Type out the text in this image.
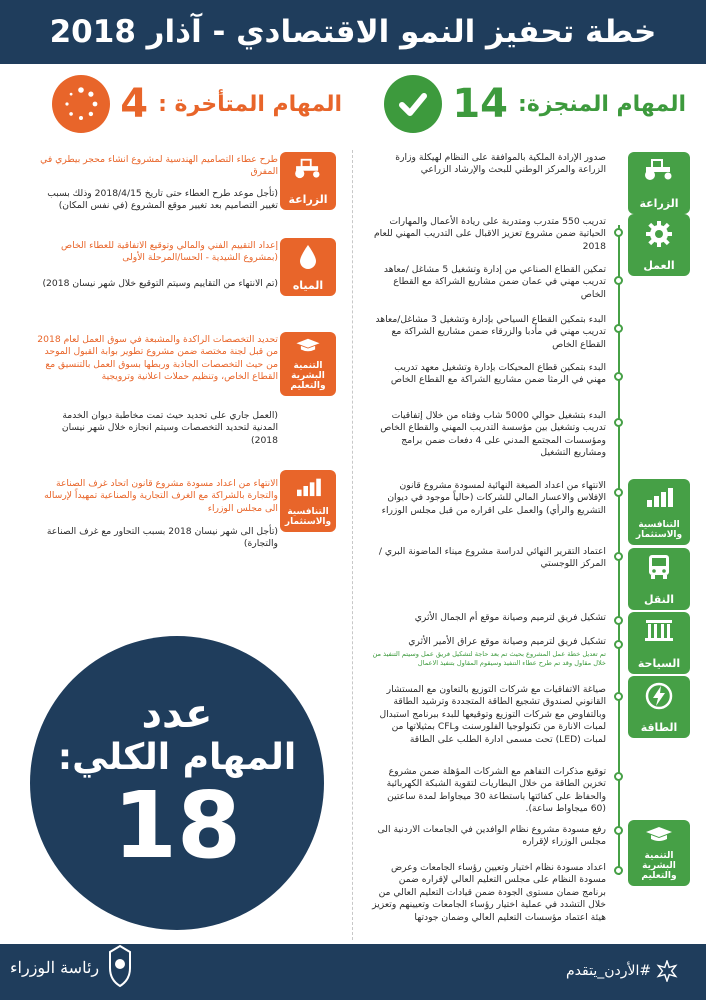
خطة تحفيز النمو الاقتصادي - آذار 2018
المهام المنجزة:
14
المهام المتأخرة :
4
الزراعة
العمل
التنافسية
والاستثمار
النقل
السياحة
الطاقة
التنمية
البشرية
والتعليم
صدور الإرادة الملكية بالموافقة على النظام لهيكلة وزارة الزراعة والمركز الوطني للبحث والإرشاد الزراعي
تدريب 550 متدرب ومتدربة على ريادة الأعمال والمهارات الحياتية ضمن مشروع تعزيز الاقبال على التدريب المهني للعام 2018
تمكين القطاع الصناعي من إدارة وتشغيل 5 مشاغل /معاهد تدريب مهني في عمان ضمن مشاريع الشراكة مع القطاع الخاص
البدء بتمكين القطاع السياحي بإدارة وتشغيل 3 مشاغل/معاهد تدريب مهني في مأدبا والزرقاء ضمن مشاريع الشراكة مع القطاع الخاص
البدء بتمكين قطاع المحيكات بإدارة وتشغيل معهد تدريب مهني في الرمثا ضمن مشاريع الشراكة مع القطاع الخاص
البدء بتشغيل حوالي 5000 شاب وفتاه من خلال إتفاقيات تدريب وتشغيل بين مؤسسة التدريب المهني والقطاع الخاص ومؤسسات المجتمع المدني على 4 دفعات ضمن برامج ومشاريع التشغيل
الانتهاء من اعداد الصيغة النهائية لمسودة مشروع قانون الإفلاس والاعسار المالي للشركات (حالياً موجود في ديوان التشريع والرأي) والعمل على اقراره من قبل مجلس الوزراء
اعتماد التقرير النهائي لدراسة مشروع ميناء الماضونة البري / المركز اللوجستي
تشكيل فريق لترميم وصيانة موقع أم الجمال الأثري
تشكيل فريق لترميم وصيانة موقع عراق الأمير الأثري
تم تعديل خطة عمل المشروع بحيث تم بعد حاجة لتشكيل فريق عمل وسيتم التنفيذ من خلال مقاول وقد تم طرح عطاء التنفيذ وسيقوم المقاول بتنفيذ الاعمال
صياغة الاتفاقيات مع شركات التوزيع بالتعاون مع المستشار القانوني لصندوق تشجيع الطاقة المتجددة وترشيد الطاقة وبالتفاوض مع شركات التوزيع وتوقيعها للبدء ببرنامج استبدال لمبات الانارة من تكنولوجيا الفلورسنت وCFL بمثيلاتها من لمبات (LED) تحت مسمى ادارة الطلب على الطاقة
توقيع مذكرات التفاهم مع الشركات المؤهلة ضمن مشروع تخزين الطاقة من خلال البطاريات لتقوية الشبكة الكهربائية والحفاظ على كفائتها باستطاعة 30 ميجاواط لمدة ساعتين (60 ميجاواط ساعة).
رفع مسودة مشروع نظام الوافدين في الجامعات الاردنية الى مجلس الوزراء لإقراره
اعداد مسودة نظام اختيار وتعيين رؤساء الجامعات وعرض مسودة النظام على مجلس التعليم العالي لإقراره ضمن برنامج ضمان مستوى الجودة ضمن قيادات التعليم العالي من خلال التشدد في عملية اختيار رؤساء الجامعات وتعيينهم وتعزيز هيئة اعتماد مؤسسات التعليم العالي وضمان جودتها
الزراعة
المياه
التنمية
البشرية
والتعليم
التنافسية
والاستثمار
طرح عطاء التصاميم الهندسية لمشروع انشاء محجر بيطري في المفرق
(تأجل موعد طرح العطاء حتى تاريخ 2018/4/15 وذلك بسبب تغيير التصاميم بعد تغيير موقع المشروع (في نفس المكان)
إعداد التقييم الفني والمالي وتوقيع الاتفاقية للعطاء الخاص (بمشروع الشيدية - الحسا/المرحلة الأولى
(تم الانتهاء من التقاييم وسيتم التوقيع خلال شهر نيسان 2018)
تحديد التخصصات الراكدة والمشبعة في سوق العمل لعام 2018 من قبل لجنة مختصة ضمن مشروع تطوير بوابة القبول الموحد من حيث التخصصات الجاذبة وربطها بسوق العمل بالتنسيق مع القطاع الخاص، وتنظيم حملات اعلانية وترويجية
(العمل جاري على تحديد حيث تمت مخاطبة ديوان الخدمة المدنية لتحديد التخصصات وسيتم انجازه خلال شهر نيسان 2018)
الانتهاء من اعداد مسودة مشروع قانون اتحاد غرف الصناعة والتجارة بالشراكة مع الغرف التجارية والصناعية تمهيداً لإرساله الى مجلس الوزراء
(تأجل الى شهر نيسان 2018 بسبب التحاور مع غرف الصناعة والتجارة)
عدد
المهام الكلي:
18
رئاسة الوزراء	#الأردن_يتقدم
